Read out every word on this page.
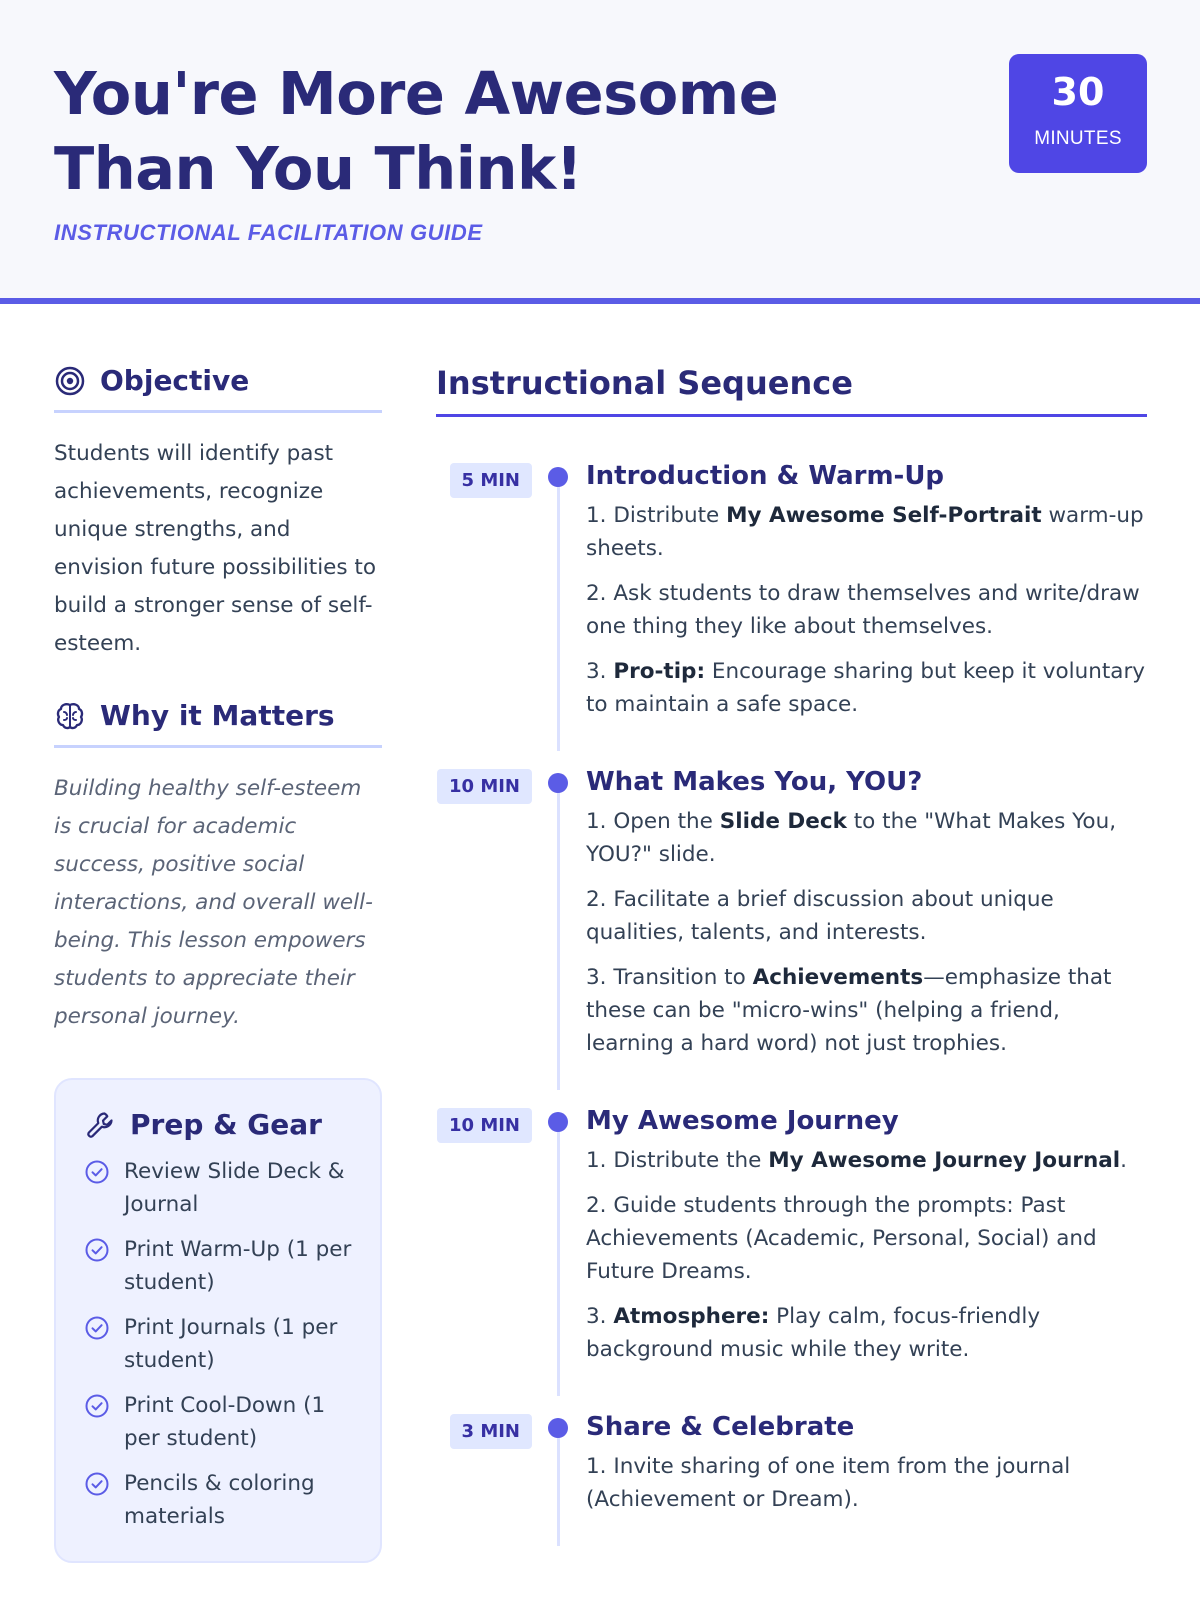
You're More Awesome Than You Think!
INSTRUCTIONAL FACILITATION GUIDE
30
MINUTES
Objective

Students will identify past achievements, recognize unique strengths, and envision future possibilities to build a stronger sense of self-esteem.

Why it Matters

Building healthy self-esteem is crucial for academic success, positive social interactions, and overall well-being. This lesson empowers students to appreciate their personal journey.

Prep & Gear
Review Slide Deck & Journal
Print Warm-Up (1 per student)
Print Journals (1 per student)
Print Cool-Down (1 per student)
Pencils & coloring materials
Instructional Sequence
5 MIN	Introduction & Warm-Up

1. Distribute My Awesome Self-Portrait warm-up sheets.

2. Ask students to draw themselves and write/draw one thing they like about themselves.

3. Pro-tip: Encourage sharing but keep it voluntary to maintain a safe space.

10 MIN	What Makes You, YOU?

1. Open the Slide Deck to the "What Makes You, YOU?" slide.

2. Facilitate a brief discussion about unique qualities, talents, and interests.

3. Transition to Achievements—emphasize that these can be "micro-wins" (helping a friend, learning a hard word) not just trophies.

10 MIN	My Awesome Journey

1. Distribute the My Awesome Journey Journal.

2. Guide students through the prompts: Past Achievements (Academic, Personal, Social) and Future Dreams.

3. Atmosphere: Play calm, focus-friendly background music while they write.

3 MIN	Share & Celebrate

1. Invite sharing of one item from the journal (Achievement or Dream).
